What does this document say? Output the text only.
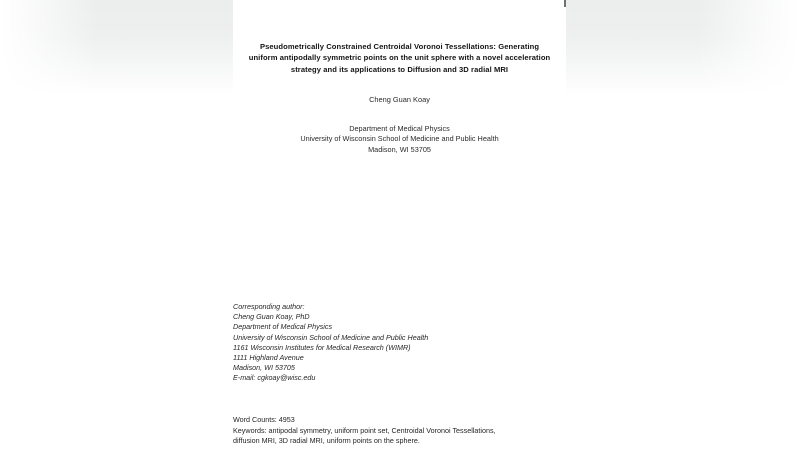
Pseudometrically Constrained Centroidal Voronoi Tessellations: Generating
uniform antipodally symmetric points on the unit sphere with a novel acceleration
strategy and its applications to Diffusion and 3D radial MRI
Cheng Guan Koay
Department of Medical Physics
University of Wisconsin School of Medicine and Public Health
Madison, WI 53705
Corresponding author:
Cheng Guan Koay, PhD
Department of Medical Physics
University of Wisconsin School of Medicine and Public Health
1161 Wisconsin Institutes for Medical Research (WIMR)
1111 Highland Avenue
Madison, WI 53705
E-mail: cgkoay@wisc.edu
Word Counts: 4953
Keywords: antipodal symmetry, uniform point set, Centroidal Voronoi Tessellations,
diffusion MRI, 3D radial MRI, uniform points on the sphere.
